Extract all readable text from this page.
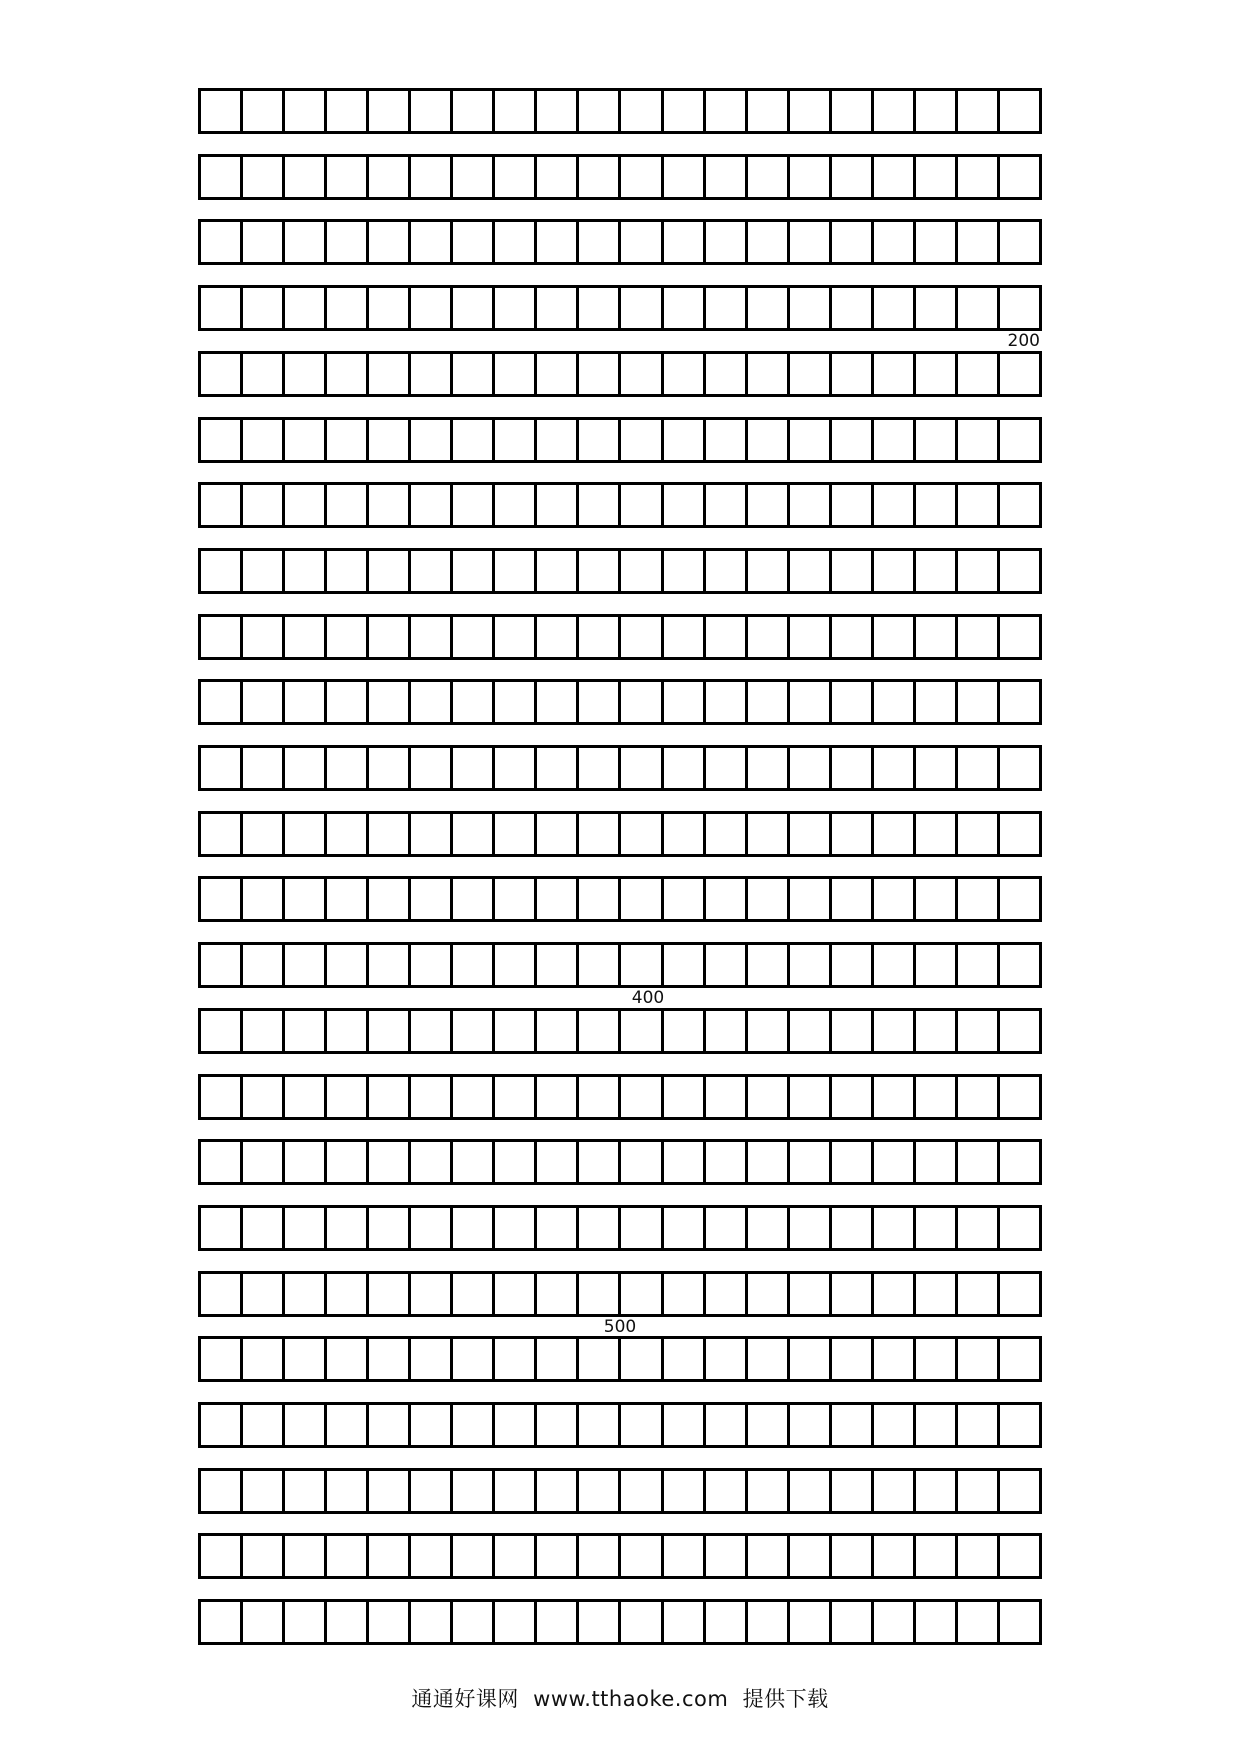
200
400
500
通通好课网  www.tthaoke.com  提供下载
